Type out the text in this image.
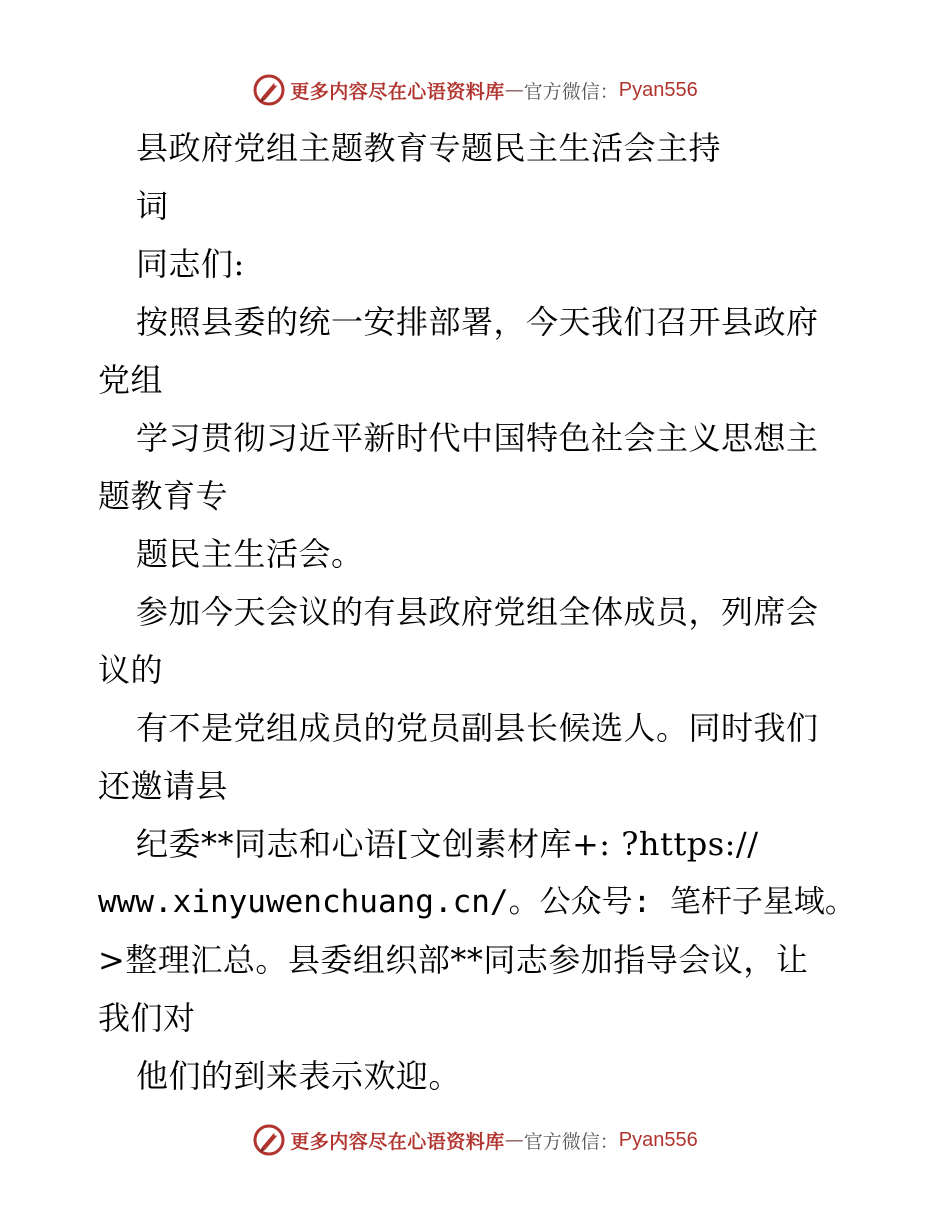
更多内容尽在心语资料库 — 官方微信： Pyan556
县政府党组主题教育专题民主生活会主持
词
同志们:
按照县委的统一安排部署，今天我们召开县政府
党组
学习贯彻习近平新时代中国特色社会主义思想主
题教育专
题民主生活会。
参加今天会议的有县政府党组全体成员，列席会
议的
有不是党组成员的党员副县长候选人。同时我们
还邀请县
纪委**同志和心语[文创素材库+: ?https://
www.xinyuwenchuang.cn/。公众号: 笔杆子星域。
>整理汇总。县委组织部**同志参加指导会议，让
我们对
他们的到来表示欢迎。
更多内容尽在心语资料库 — 官方微信： Pyan556
